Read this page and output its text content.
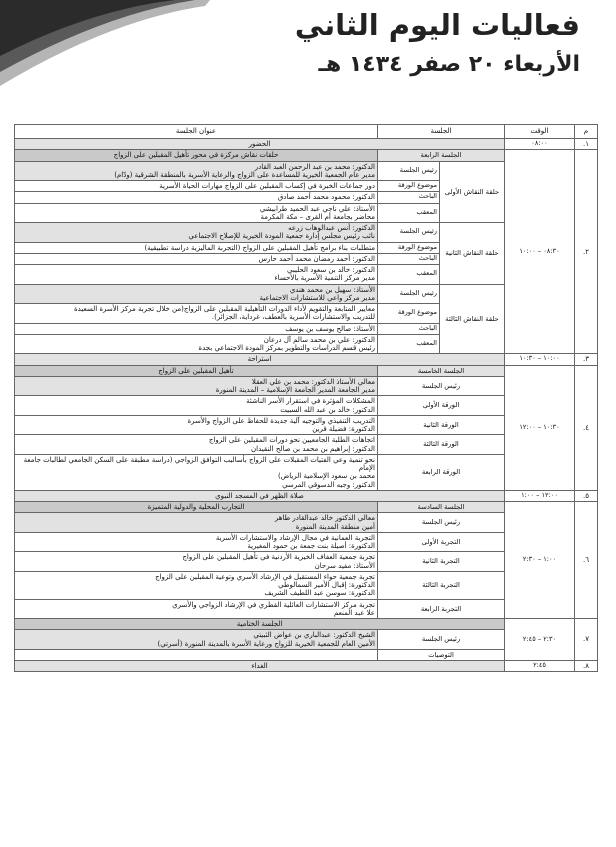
فعاليات اليوم الثاني
الأربعاء ٢٠ صفر ١٤٣٤ هـ
م	الوقت	الجلسة		عنوان الجلسة
١.	٠٨:٠٠	الحضور		
٢.	٠٨:٣٠ – ١٠:٠٠	الجلسة الرابعة		حلقات نقاش مركزة في محور تأهيل المقبلين على الزواج
		حلقة النقاش الأولى	رئيس الجلسة	الدكتور: محمد بن عبد الرحمن العبد القادر
مدير عام الجمعية الخيرية للمساعدة على الزواج والرعاية الأسرية بالمنطقة الشرقية (ودّام)

			موضوع الورقة	دور جماعات الخبرة في إكساب المقبلين على الزواج مهارات الحياة الأسرية

			الباحث	الدكتور: محمود محمد أحمد صادق

			المعقب	الأستاذ: علي ناجي عبد الحميد طرابيشي
محاضر بجامعة أم القرى – مكة المكرمة

		حلقة النقاش الثانية	رئيس الجلسة	الدكتور: أنس عبدالوهاب زرعه
نائب رئيس مجلس إدارة جمعية المودة الخيرية للإصلاح الاجتماعي

			موضوع الورقة	متطلبات بناء برامج تأهيل المقبلين على الزواج (التجربة الماليزية دراسة تطبيقية)

			الباحث	الدكتور: أحمد رمضان محمد أحمد حارس

			المعقب	الدكتور: خالد بن سعود الحليبي
مدير مركز التنمية الأسرية بالأحساء

		حلقة النقاش الثالثة	رئيس الجلسة	الأستاذ: سهيل بن محمد هندي
مدير مركز واعي للاستشارات الاجتماعية

			موضوع الورقة	معايير المتابعة والتقويم لأداء الدورات التأهيلية المقبلين على الزواج(من خلال تجربة مركز الأسرة السعيدة
للتدريب والاستشارات الأسرية بالعطف، غرداية، الجزائر).

			الباحث	الأستاذ: صالح يوسف بن يوسف

			المعقب	الدكتور: علي بن محمد سالم آل درعان
رئيس قسم الدراسات والتطوير بمركز المودة الاجتماعي بجدة

٣.	١٠:٠٠ – ١٠:٣٠	استراحة		
٤.	١٠:٣٠ – ١٢:٠٠	الجلسة الخامسة		تأهيل المقبلين على الزواج
		رئيس الجلسة		معالي الأستاذ الدكتور: محمد بن علي العقلا
مدير الجامعة المدير الجامعة الإسلامية – المدينة المنورة

		الورقة الأولى		المشكلات المؤثرة في استقرار الأسر الناشئة
الدكتور: خالد بن عبد الله السبيت

		الورقة الثانية		التدريب التنفيذي والتوجيه آلية جديدة للحفاظ على الزواج والأسرة
الدكتورة: فضيلة قرين

		الورقة الثالثة		اتجاهات الطلبة الجامعيين نحو دورات المقبلين على الزواج
الدكتور: إبراهيم بن محمد بن صالح النقيدان

		الورقة الرابعة		نحو تنمية وعي الفتيات المقبلات على الزواج بأساليب التوافق الزواجي (دراسة مطبقة على السكن الجامعي لطالبات جامعة الإمام
محمد بن سعود الإسلامية الرياض)
الدكتور: وجيه الدسوقي المرسي

٥.	١٢:٠٠ – ١:٠٠	صلاة الظهر في المسجد النبوي		
٦.	١:٠٠ – ٢:٣٠	الجلسة السادسة		التجارب المحلية والدولية المتميزة
		رئيس الجلسة		معالي الدكتور خالد عبدالقادر طاهر
أمين منطقة المدينة المنورة

		التجربة الأولى		التجربة العمانية في مجال الإرشاد والاستشارات الأسرية
الدكتورة: أصيلة بنت جمعة بن حمود المغيرية

		التجربة الثانية		تجربة جمعية العفاف الخيرية الأردنية في تأهيل المقبلين على الزواج
الأستاذ: مفيد سرحان

		التجربة الثالثة		تجربة جمعية حواء المستقبل في الإرشاد الأسري وتوعية المقبلين على الزواج
الدكتورة: إقبال الأمير السمالوطي
الدكتورة: سوسن عبد اللطيف الشريف

		التجربة الرابعة		تجربة مركز الاستشارات العائلية القطري في الإرشاد الزواجي والأسري
علا عبد المنعم

٧.	٢:٣٠ – ٢:٤٥	الجلسة الختامية		
		رئيس الجلسة		الشيخ الدكتور: عبدالباري بن عواض الثبيتي
الأمين العام للجمعية الخيرية للزواج ورعاية الأسرة بالمدينة المنورة (أسرتي)

		التوصيات		
٨.	٢:٤٥	الغداء		
